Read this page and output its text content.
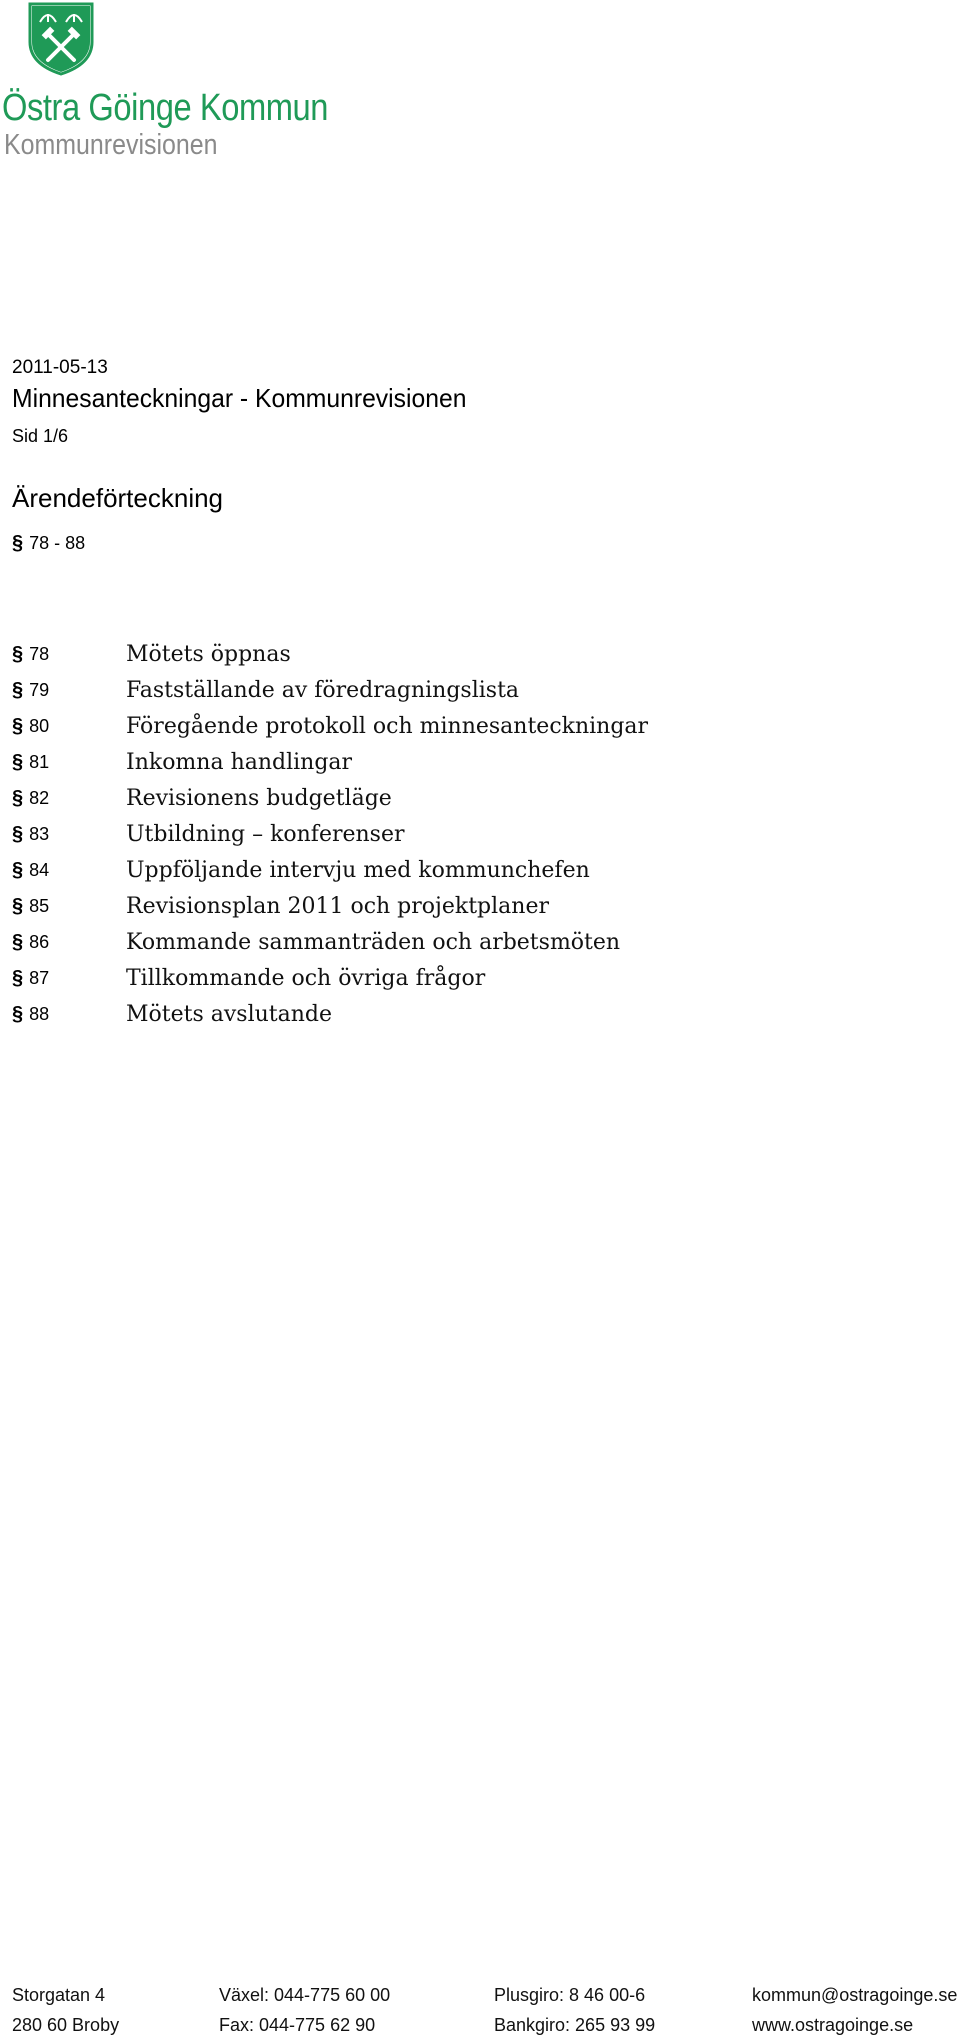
Östra Göinge Kommun
Kommunrevisionen
2011-05-13
Minnesanteckningar - Kommunrevisionen
Sid 1/6
Ärendeförteckning
§ 78 - 88
§ 78	Mötets öppnas
§ 79	Fastställande av föredragningslista
§ 80	Föregående protokoll och minnesanteckningar
§ 81	Inkomna handlingar
§ 82	Revisionens budgetläge
§ 83	Utbildning – konferenser
§ 84	Uppföljande intervju med kommunchefen
§ 85	Revisionsplan 2011 och projektplaner
§ 86	Kommande sammanträden och arbetsmöten
§ 87	Tillkommande och övriga frågor
§ 88	Mötets avslutande
Storgatan 4	Växel: 044-775 60 00	Plusgiro: 8 46 00-6	kommun@ostragoinge.se
280 60 Broby	Fax: 044-775 62 90	Bankgiro: 265 93 99	www.ostragoinge.se
